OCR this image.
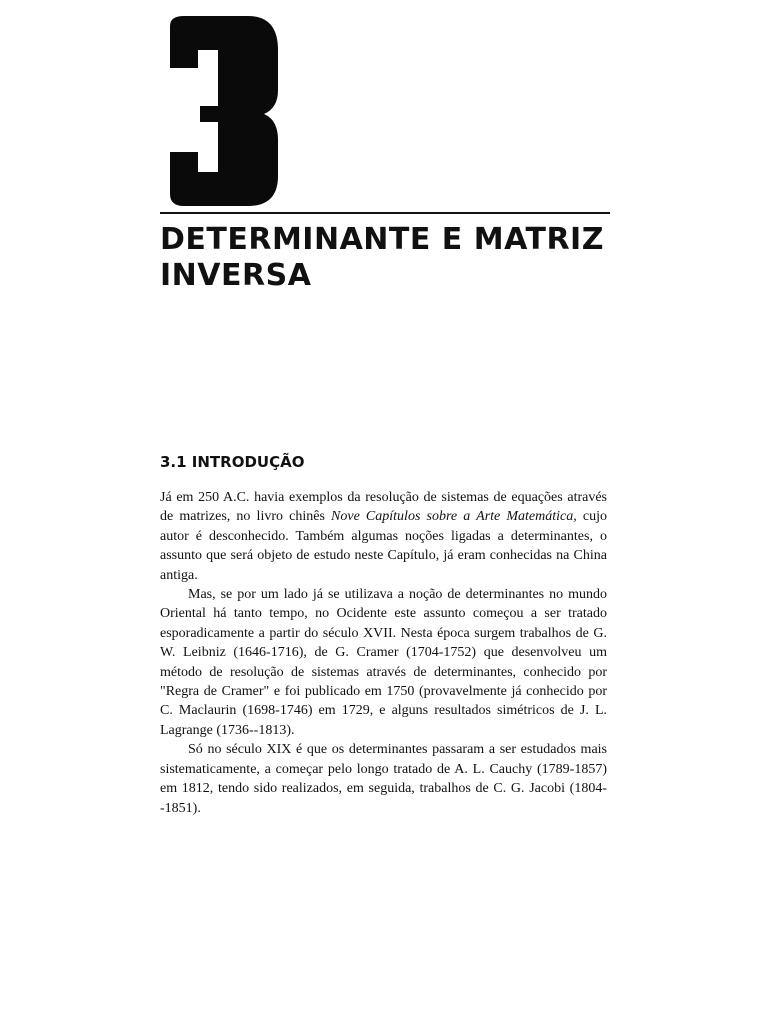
DETERMINANTE E MATRIZ
INVERSA
3.1 INTRODUÇÃO

Já em 250 A.C. havia exemplos da resolução de sistemas de equações através de matrizes, no livro chinês Nove Capítulos sobre a Arte Matemática, cujo autor é desconhecido. Também algumas noções ligadas a determinantes, o assunto que será objeto de estudo neste Capítulo, já eram conhecidas na China antiga.

Mas, se por um lado já se utilizava a noção de determinantes no mundo Oriental há tanto tempo, no Ocidente este assunto começou a ser tratado esporadicamente a partir do século XVII. Nesta época surgem trabalhos de G. W. Leibniz (1646-1716), de G. Cramer (1704-1752) que desenvolveu um método de resolução de sistemas através de determinantes, conhecido por "Regra de Cramer" e foi publicado em 1750 (provavelmente já conhecido por C. Maclaurin (1698-1746) em 1729, e alguns resultados simétricos de J. L. Lagrange (1736--1813).

Só no século XIX é que os determinantes passaram a ser estudados mais sistematicamente, a começar pelo longo tratado de A. L. Cauchy (1789-1857) em 1812, tendo sido realizados, em seguida, trabalhos de C. G. Jacobi (1804--1851).
